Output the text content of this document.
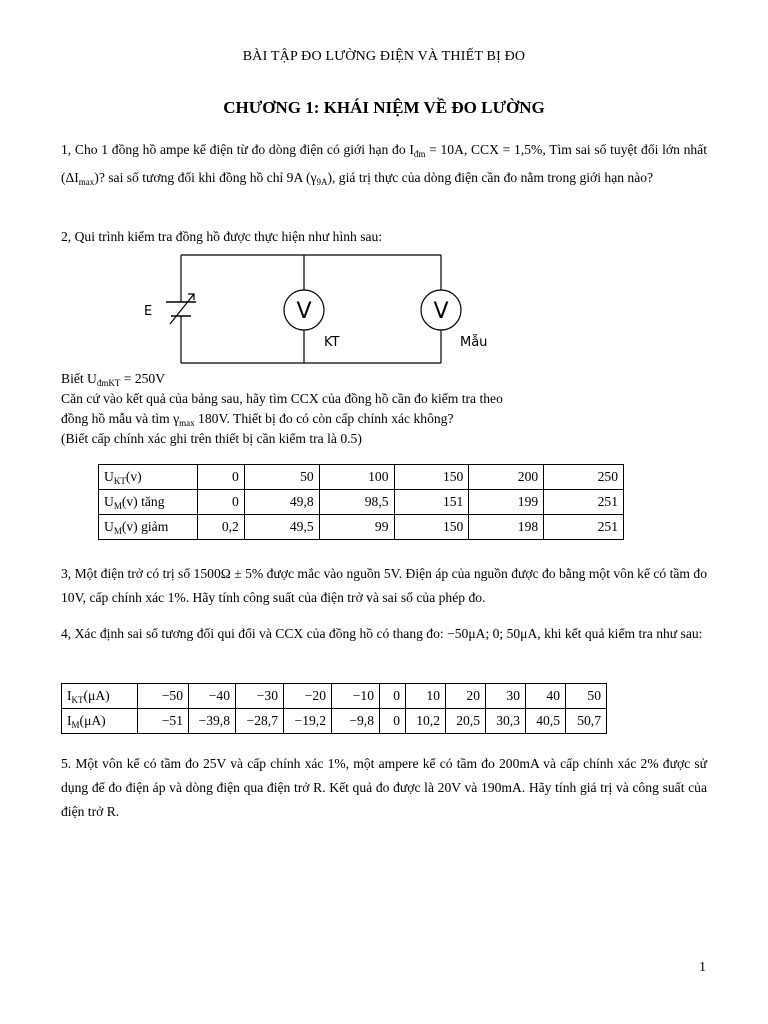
BÀI TẬP ĐO LƯỜNG ĐIỆN VÀ THIẾT BỊ ĐO
CHƯƠNG 1: KHÁI NIỆM VỀ ĐO LƯỜNG
1, Cho 1 đồng hồ ampe kế điện từ đo dòng điện có giới hạn đo $I_{đm} = 10A$, CCX = 1,5%, Tìm sai số tuyệt đối lớn nhất $(\Delta I_{max})$? sai số tương đối khi đồng hồ chỉ 9A $(\gamma_{9A})$, giá trị thực của dòng điện cần đo nằm trong giới hạn nào?
2, Qui trình kiểm tra đồng hồ được thực hiện như hình sau:
E	V	V
KT	Mẫu
Biết $U_{đmKT} = 250V$
Căn cứ vào kết quả của bảng sau, hãy tìm CCX của đồng hồ cần đo kiểm tra theo
đồng hồ mẫu và tìm $\gamma_{max}$ 180V. Thiết bị đo có còn cấp chính xác không?
(Biết cấp chính xác ghi trên thiết bị cần kiểm tra là 0.5)
$U_{KT}(v)$	0	50	100	150	200	250
$U_M(v)$ tăng	0	49,8	98,5	151	199	251
$U_M(v)$ giảm	0,2	49,5	99	150	198	251
3, Một điện trở có trị số 1500Ω ± 5% được mắc vào nguồn 5V. Điện áp của nguồn được đo bằng một vôn kế có tầm đo 10V, cấp chính xác 1%. Hãy tính công suất của điện trở và sai số của phép đo.
4, Xác định sai số tương đối qui đổi và CCX của đồng hồ có thang đo: −50μA; 0; 50μA, khi kết quả kiểm tra như sau:
$I_{KT}(\mu A)$	−50	−40	−30	−20	−10	0	10	20	30	40	50
$I_M(\mu A)$	−51	−39,8	−28,7	−19,2	−9,8	0	10,2	20,5	30,3	40,5	50,7
5. Một vôn kế có tầm đo 25V và cấp chính xác 1%, một ampere kế có tầm đo 200mA và cấp chính xác 2% được sử dụng để đo điện áp và dòng điện qua điện trở R. Kết quả đo được là 20V và 190mA. Hãy tính giá trị và công suất của điện trở R.
1
